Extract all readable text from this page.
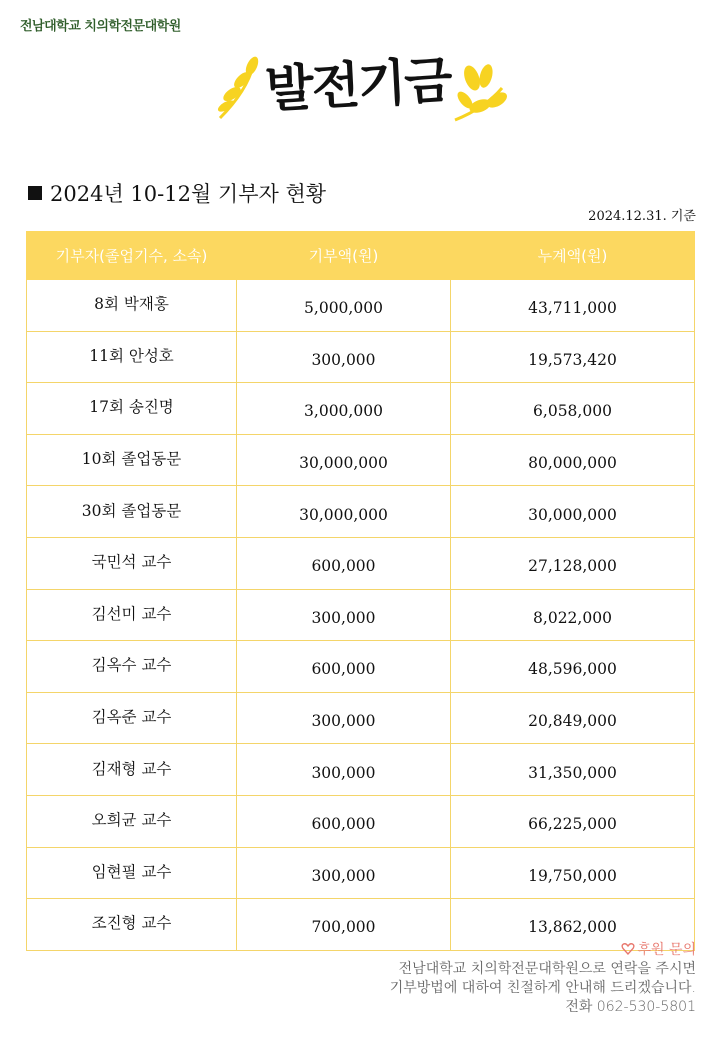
전남대학교 치의학전문대학원
발전기금
2024년 10-12월 기부자 현황
2024.12.31. 기준
기부자(졸업기수, 소속)	기부액(원)	누계액(원)
8회 박재홍	5,000,000	43,711,000
11회 안성호	300,000	19,573,420
17회 송진명	3,000,000	6,058,000
10회 졸업동문	30,000,000	80,000,000
30회 졸업동문	30,000,000	30,000,000
국민석 교수	600,000	27,128,000
김선미 교수	300,000	8,022,000
김옥수 교수	600,000	48,596,000
김옥준 교수	300,000	20,849,000
김재형 교수	300,000	31,350,000
오희균 교수	600,000	66,225,000
임현필 교수	300,000	19,750,000
조진형 교수	700,000	13,862,000
후원 문의
전남대학교 치의학전문대학원으로 연락을 주시면
기부방법에 대하여 친절하게 안내해 드리겠습니다.
전화 062-530-5801
